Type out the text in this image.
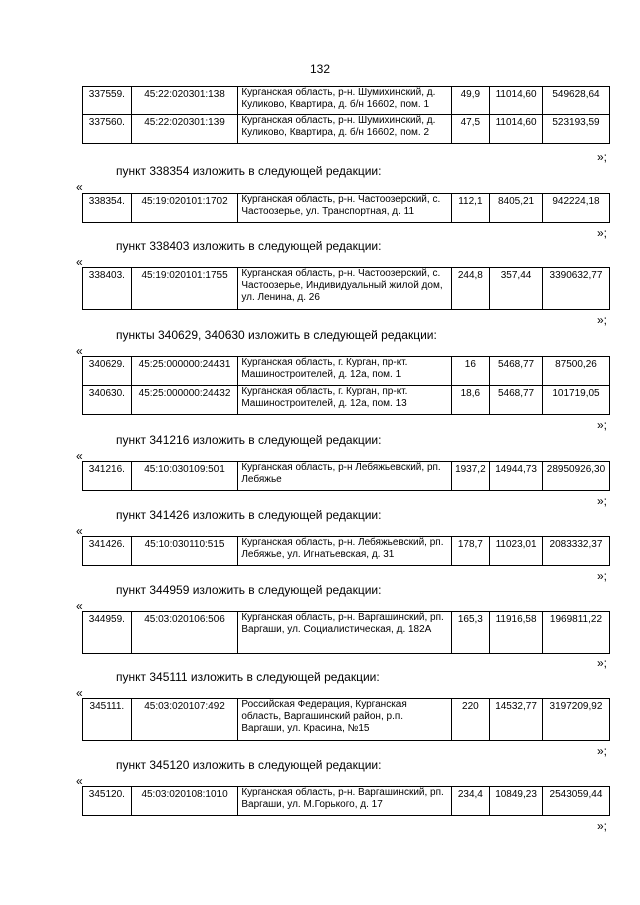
132
337559.	45:22:020301:138	Курганская область, р-н. Шумихинский, д. Куликово, Квартира, д. б/н 16602, пом. 1	49,9	11014,60	549628,64
337560.	45:22:020301:139	Курганская область, р-н. Шумихинский, д. Куликово, Квартира, д. б/н 16602, пом. 2	47,5	11014,60	523193,59
»;
пункт 338354 изложить в следующей редакции:
«
338354.	45:19:020101:1702	Курганская область, р-н. Частоозерский, с. Частоозерье, ул. Транспортная, д. 11	112,1	8405,21	942224,18
»;
пункт 338403 изложить в следующей редакции:
«
338403.	45:19:020101:1755	Курганская область, р-н. Частоозерский, с. Частоозерье, Индивидуальный жилой дом, ул. Ленина, д. 26	244,8	357,44	3390632,77
»;
пункты 340629, 340630 изложить в следующей редакции:
«
340629.	45:25:000000:24431	Курганская область, г. Курган, пр-кт. Машиностроителей, д. 12а, пом. 1	16	5468,77	87500,26
340630.	45:25:000000:24432	Курганская область, г. Курган, пр-кт. Машиностроителей, д. 12а, пом. 13	18,6	5468,77	101719,05
»;
пункт 341216 изложить в следующей редакции:
«
341216.	45:10:030109:501	Курганская область, р-н Лебяжьевский, рп. Лебяжье	1937,2	14944,73	28950926,30
»;
пункт 341426 изложить в следующей редакции:
«
341426.	45:10:030110:515	Курганская область, р-н. Лебяжьевский, рп. Лебяжье, ул. Игнатьевская, д. 31	178,7	11023,01	2083332,37
»;
пункт 344959 изложить в следующей редакции:
«
344959.	45:03:020106:506	Курганская область, р-н. Варгашинский, рп. Варгаши, ул. Социалистическая, д. 182А	165,3	11916,58	1969811,22
»;
пункт 345111 изложить в следующей редакции:
«
345111.	45:03:020107:492	Российская Федерация, Курганская область, Варгашинский район, р.п. Варгаши, ул. Красина, №15	220	14532,77	3197209,92
»;
пункт 345120 изложить в следующей редакции:
«
345120.	45:03:020108:1010	Курганская область, р-н. Варгашинский, рп. Варгаши, ул. М.Горького, д. 17	234,4	10849,23	2543059,44
»;
